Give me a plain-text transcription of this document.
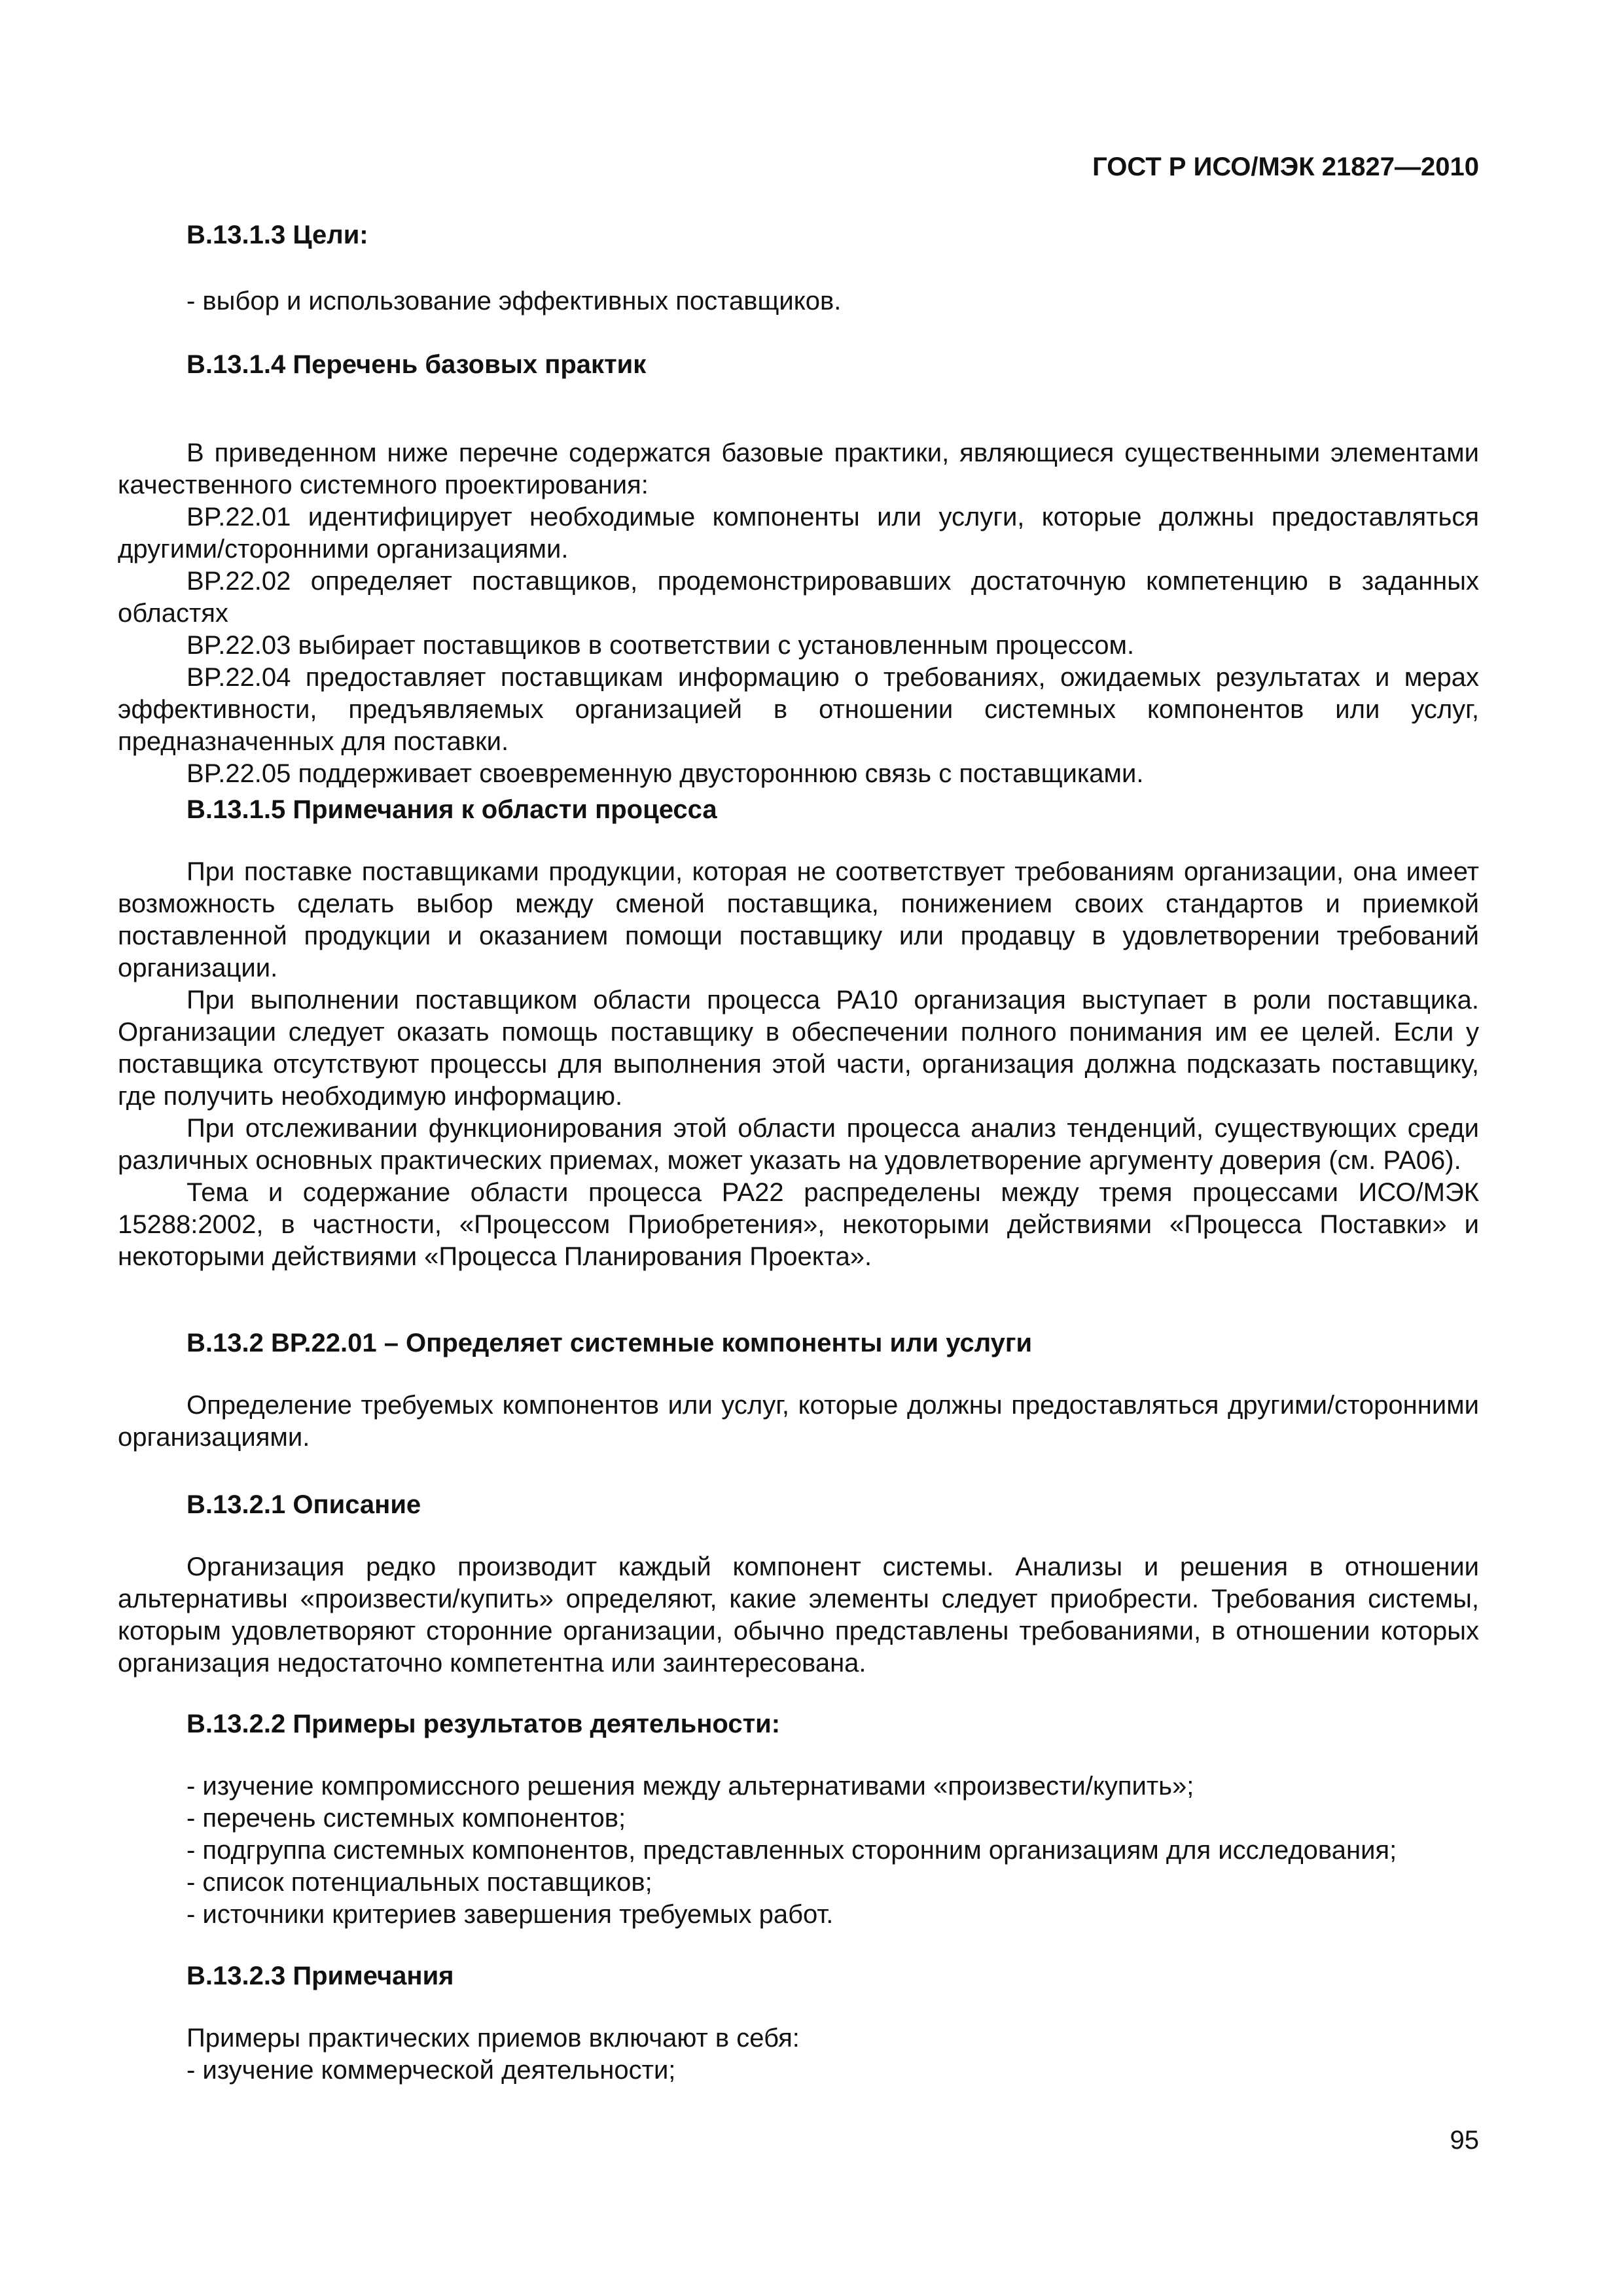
ГОСТ Р ИСО/МЭК 21827—2010
B.13.1.3 Цели:
- выбор и использование эффективных поставщиков.
B.13.1.4 Перечень базовых практик

В приведенном ниже перечне содержатся базовые практики, являющиеся существенными элементами качественного системного проектирования:

BP.22.01 идентифицирует необходимые компоненты или услуги, которые должны предоставляться другими/сторонними организациями.

BP.22.02 определяет поставщиков, продемонстрировавших достаточную компетенцию в заданных областях

BP.22.03 выбирает поставщиков в соответствии с установленным процессом.

BP.22.04 предоставляет поставщикам информацию о требованиях, ожидаемых результатах и мерах эффективности, предъявляемых организацией в отношении системных компонентов или услуг, предназначенных для поставки.

BP.22.05 поддерживает своевременную двустороннюю связь с поставщиками.

B.13.1.5 Примечания к области процесса

При поставке поставщиками продукции, которая не соответствует требованиям организации, она имеет возможность сделать выбор между сменой поставщика, понижением своих стандартов и приемкой поставленной продукции и оказанием помощи поставщику или продавцу в удовлетворении требований организации.

При выполнении поставщиком области процесса PA10 организация выступает в роли поставщика. Организации следует оказать помощь поставщику в обеспечении полного понимания им ее целей. Если у поставщика отсутствуют процессы для выполнения этой части, организация должна подсказать поставщику, где получить необходимую информацию.

При отслеживании функционирования этой области процесса анализ тенденций, существующих среди различных основных практических приемах, может указать на удовлетворение аргументу доверия (см. PA06).

Тема и содержание области процесса PA22 распределены между тремя процессами ИСО/МЭК 15288:2002, в частности, «Процессом Приобретения», некоторыми действиями «Процесса Поставки» и некоторыми действиями «Процесса Планирования Проекта».

B.13.2 BP.22.01 – Определяет системные компоненты или услуги

Определение требуемых компонентов или услуг, которые должны предоставляться другими/сторонними организациями.

B.13.2.1 Описание

Организация редко производит каждый компонент системы. Анализы и решения в отношении альтернативы «произвести/купить» определяют, какие элементы следует приобрести. Требования системы, которым удовлетворяют сторонние организации, обычно представлены требованиями, в отношении которых организация недостаточно компетентна или заинтересована.

B.13.2.2 Примеры результатов деятельности:
- изучение компромиссного решения между альтернативами «произвести/купить»;
- перечень системных компонентов;
- подгруппа системных компонентов, представленных сторонним организациям для исследования;
- список потенциальных поставщиков;
- источники критериев завершения требуемых работ.
B.13.2.3 Примечания
Примеры практических приемов включают в себя:
- изучение коммерческой деятельности;
95
